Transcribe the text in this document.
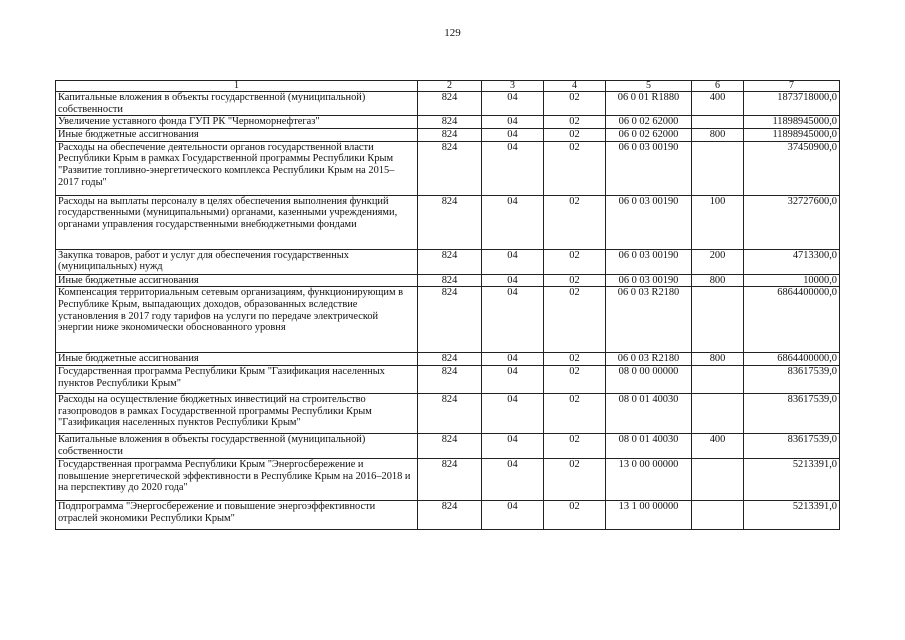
129
1	2	3	4	5	6	7
Капитальные вложения в объекты государственной (муниципальной) собственности	824	04	02	06 0 01 R1880	400	1873718000,0
Увеличение уставного фонда ГУП РК "Черноморнефтегаз"	824	04	02	06 0 02 62000		11898945000,0
Иные бюджетные ассигнования	824	04	02	06 0 02 62000	800	11898945000,0
Расходы на обеспечение деятельности органов государственной власти Республики Крым в рамках Государственной программы Республики Крым "Развитие топливно-энергетического комплекса Республики Крым на 2015–2017 годы"	824	04	02	06 0 03 00190		37450900,0
Расходы на выплаты персоналу в целях обеспечения выполнения функций государственными (муниципальными) органами, казенными учреждениями, органами управления государственными внебюджетными фондами	824	04	02	06 0 03 00190	100	32727600,0
Закупка товаров, работ и услуг для обеспечения государственных (муниципальных) нужд	824	04	02	06 0 03 00190	200	4713300,0
Иные бюджетные ассигнования	824	04	02	06 0 03 00190	800	10000,0
Компенсация территориальным сетевым организациям, функционирующим в Республике Крым, выпадающих доходов, образованных вследствие установления в 2017 году тарифов на услуги по передаче электрической энергии ниже экономически обоснованного уровня	824	04	02	06 0 03 R2180		6864400000,0
Иные бюджетные ассигнования	824	04	02	06 0 03 R2180	800	6864400000,0
Государственная программа Республики Крым "Газификация населенных пунктов Республики Крым"	824	04	02	08 0 00 00000		83617539,0
Расходы на осуществление бюджетных инвестиций на строительство газопроводов в рамках Государственной программы Республики Крым "Газификация населенных пунктов Республики Крым"	824	04	02	08 0 01 40030		83617539,0
Капитальные вложения в объекты государственной (муниципальной) собственности	824	04	02	08 0 01 40030	400	83617539,0
Государственная программа Республики Крым "Энергосбережение и повышение энергетической эффективности в Республике Крым на 2016–2018 и на перспективу до 2020 года"	824	04	02	13 0 00 00000		5213391,0
Подпрограмма "Энергосбережение и повышение энергоэффективности отраслей экономики Республики Крым"	824	04	02	13 1 00 00000		5213391,0
